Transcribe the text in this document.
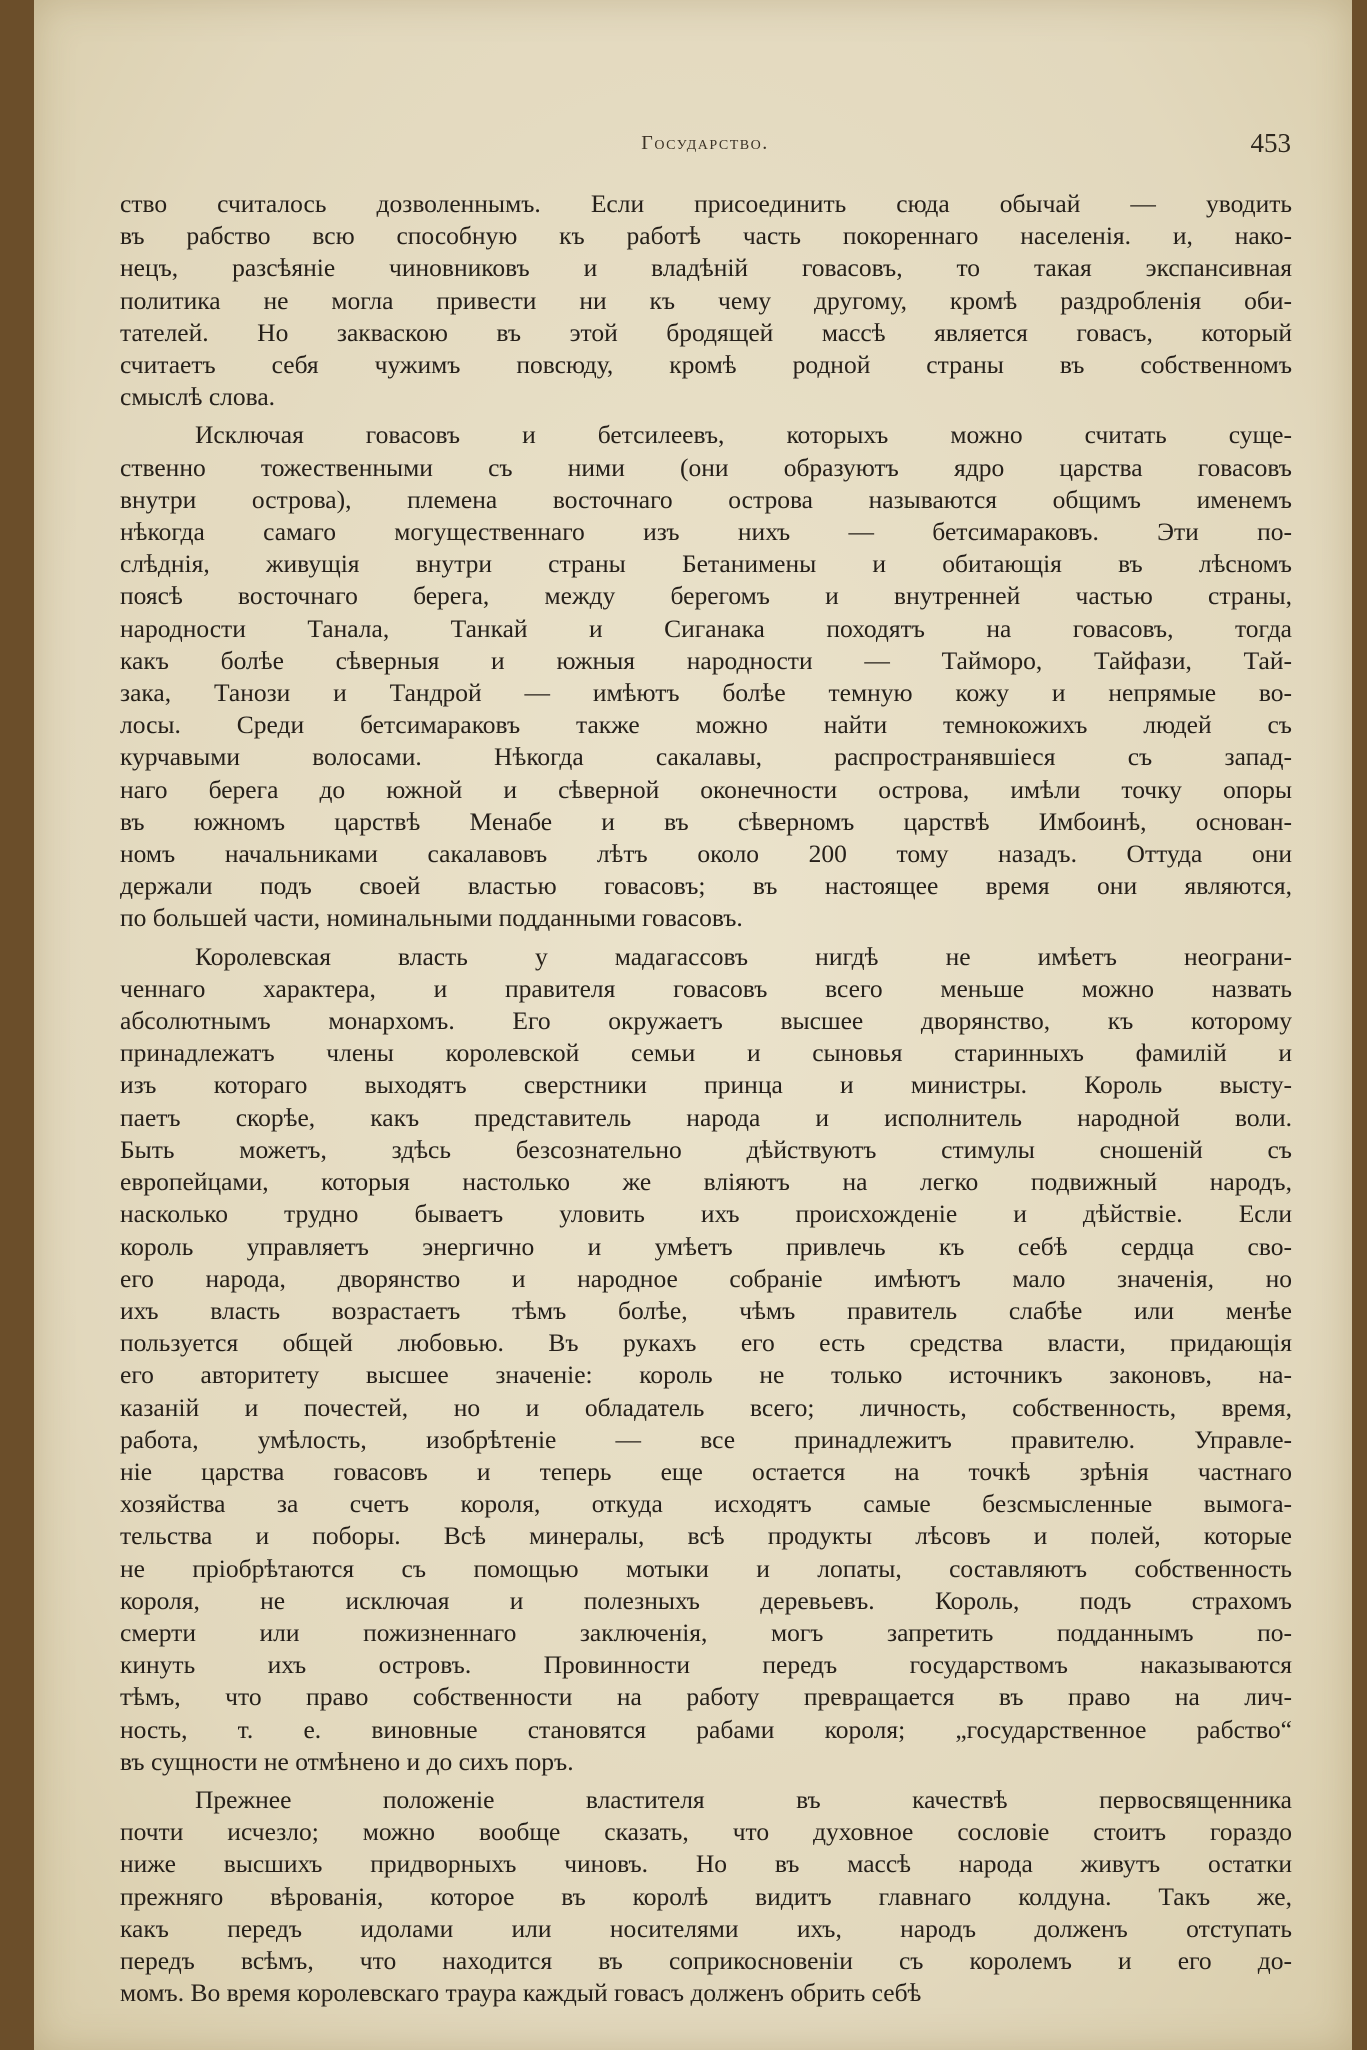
Государство.	453

ство считалось дозволеннымъ. Если присоединить сюда обычай — уводить
въ рабство всю способную къ работѣ часть покореннаго населенія. и, нако-
нецъ, разсѣяніе чиновниковъ и владѣній говасовъ, то такая экспансивная
политика не могла привести ни къ чему другому, кромѣ раздробленія оби-
тателей. Но закваскою въ этой бродящей массѣ является говасъ, который
считаетъ себя чужимъ повсюду, кромѣ родной страны въ собственномъ
смыслѣ слова.

Исключая говасовъ и бетсилеевъ, которыхъ можно считать суще-
ственно тожественными съ ними (они образуютъ ядро царства говасовъ
внутри острова), племена восточнаго острова называются общимъ именемъ
нѣкогда самаго могущественнаго изъ нихъ — бетсимараковъ. Эти по-
слѣднія, живущія внутри страны Бетанимены и обитающія въ лѣсномъ
поясѣ восточнаго берега, между берегомъ и внутренней частью страны,
народности Танала, Танкай и Сиганака походятъ на говасовъ, тогда
какъ болѣе сѣверныя и южныя народности — Таймоpо, Тайфази, Тай-
зака, Танози и Тандрой — имѣютъ болѣе темную кожу и непрямые во-
лосы. Среди бетсимараковъ также можно найти темнокожихъ людей съ
курчавыми волосами. Нѣкогда сакалавы, распространявшіеся съ запад-
наго берега до южной и сѣверной оконечности острова, имѣли точку опоры
въ южномъ царствѣ Менабе и въ сѣверномъ царствѣ Имбоинѣ, основан-
номъ начальниками сакалавовъ лѣтъ около 200 тому назадъ. Оттуда они
держали подъ своей властью говасовъ; въ настоящее время они являются,
по большей части, номинальными подданными говасовъ.

Королевская власть у мадагассовъ нигдѣ не имѣетъ неограни-
ченнаго характера, и правителя говасовъ всего меньше можно назвать
абсолютнымъ монархомъ. Его окружаетъ высшее дворянство, къ которому
принадлежатъ члены королевской семьи и сыновья старинныхъ фамилій и
изъ котораго выходятъ сверстники принца и министры. Король высту-
паетъ скорѣе, какъ представитель народа и исполнитель народной воли.
Быть можетъ, здѣсь безсознательно дѣйствуютъ стимулы сношеній съ
европейцами, которыя настолько же вліяютъ на легко подвижный народъ,
насколько трудно бываетъ уловить ихъ происхожденіе и дѣйствіе. Если
король управляетъ энергично и умѣетъ привлечь къ себѣ сердца сво-
его народа, дворянство и народное собраніе имѣютъ мало значенія, но
ихъ власть возрастаетъ тѣмъ болѣе, чѣмъ правитель слабѣе или менѣе
пользуется общей любовью. Въ рукахъ его есть средства власти, придающія
его авторитету высшее значеніе: король не только источникъ законовъ, на-
казаній и почестей, но и обладатель всего; личность, собственность, время,
работа, умѣлость, изобрѣтеніе — все принадлежитъ правителю. Управле-
ніе царства говасовъ и теперь еще остается на точкѣ зрѣнія частнаго
хозяйства за счетъ короля, откуда исходятъ самые безсмысленные вымога-
тельства и поборы. Всѣ минералы, всѣ продукты лѣсовъ и полей, которые
не пріобрѣтаются съ помощью мотыки и лопаты, составляютъ собственность
короля, не исключая и полезныхъ деревьевъ. Король, подъ страхомъ
смерти или пожизненнаго заключенія, могъ запретить подданнымъ по-
кинуть ихъ островъ. Провинности передъ государствомъ наказываются
тѣмъ, что право собственности на работу превращается въ право на лич-
ность, т. е. виновные становятся рабами короля; „государственное рабство“
въ сущности не отмѣнено и до сихъ поръ.

Прежнее положеніе властителя въ качествѣ первосвященника
почти исчезло; можно вообще сказать, что духовное сословіе стоитъ гораздо
ниже высшихъ придворныхъ чиновъ. Но въ массѣ народа живутъ остатки
прежняго вѣрованія, которое въ королѣ видитъ главнаго колдуна. Такъ же,
какъ передъ идолами или носителями ихъ, народъ долженъ отступать
передъ всѣмъ, что находится въ соприкосновеніи съ королемъ и его до-
момъ. Во время королевскаго траура каждый говасъ долженъ обрить себѣ
